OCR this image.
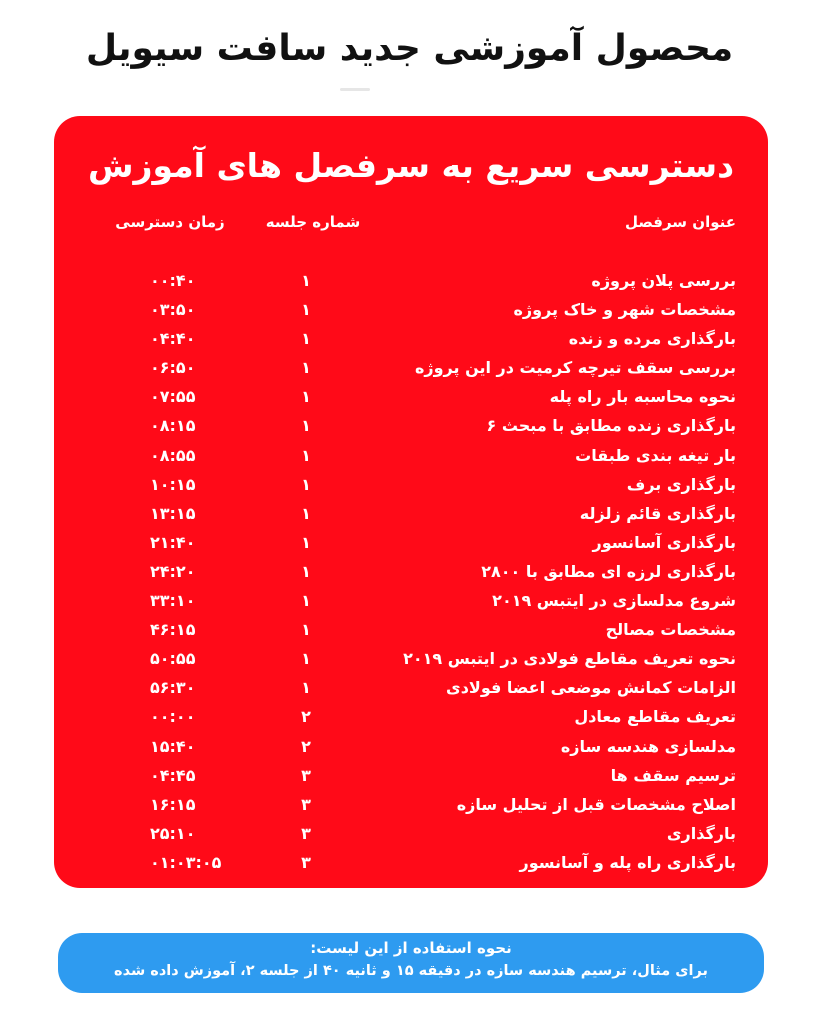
محصول آموزشی جدید سافت سیویل
دسترسی سریع به سرفصل های آموزش
عنوان سرفصل
شماره جلسه
زمان دسترسی
بررسی پلان پروژه
۱
۰۰:۴۰
مشخصات شهر و خاک پروژه
۱
۰۳:۵۰
بارگذاری مرده و زنده
۱
۰۴:۴۰
بررسی سقف تیرچه کرمیت در این پروژه
۱
۰۶:۵۰
نحوه محاسبه بار راه پله
۱
۰۷:۵۵
بارگذاری زنده مطابق با مبحث ۶
۱
۰۸:۱۵
بار تیغه بندی طبقات
۱
۰۸:۵۵
بارگذاری برف
۱
۱۰:۱۵
بارگذاری قائم زلزله
۱
۱۳:۱۵
بارگذاری آسانسور
۱
۲۱:۴۰
بارگذاری لرزه ای مطابق با ۲۸۰۰
۱
۲۴:۲۰
شروع مدلسازی در ایتبس ۲۰۱۹
۱
۳۳:۱۰
مشخصات مصالح
۱
۴۶:۱۵
نحوه تعریف مقاطع فولادی در ایتبس ۲۰۱۹
۱
۵۰:۵۵
الزامات کمانش موضعی اعضا فولادی
۱
۵۶:۳۰
تعریف مقاطع معادل
۲
۰۰:۰۰
مدلسازی هندسه سازه
۲
۱۵:۴۰
ترسیم سقف ها
۳
۰۴:۴۵
اصلاح مشخصات قبل از تحلیل سازه
۳
۱۶:۱۵
بارگذاری
۳
۲۵:۱۰
بارگذاری راه پله و آسانسور
۳
۰۱:۰۳:۰۵
نحوه استفاده از این لیست:
برای مثال، ترسیم هندسه سازه در دقیقه ۱۵ و ثانیه ۴۰ از جلسه ۲، آموزش داده شده
